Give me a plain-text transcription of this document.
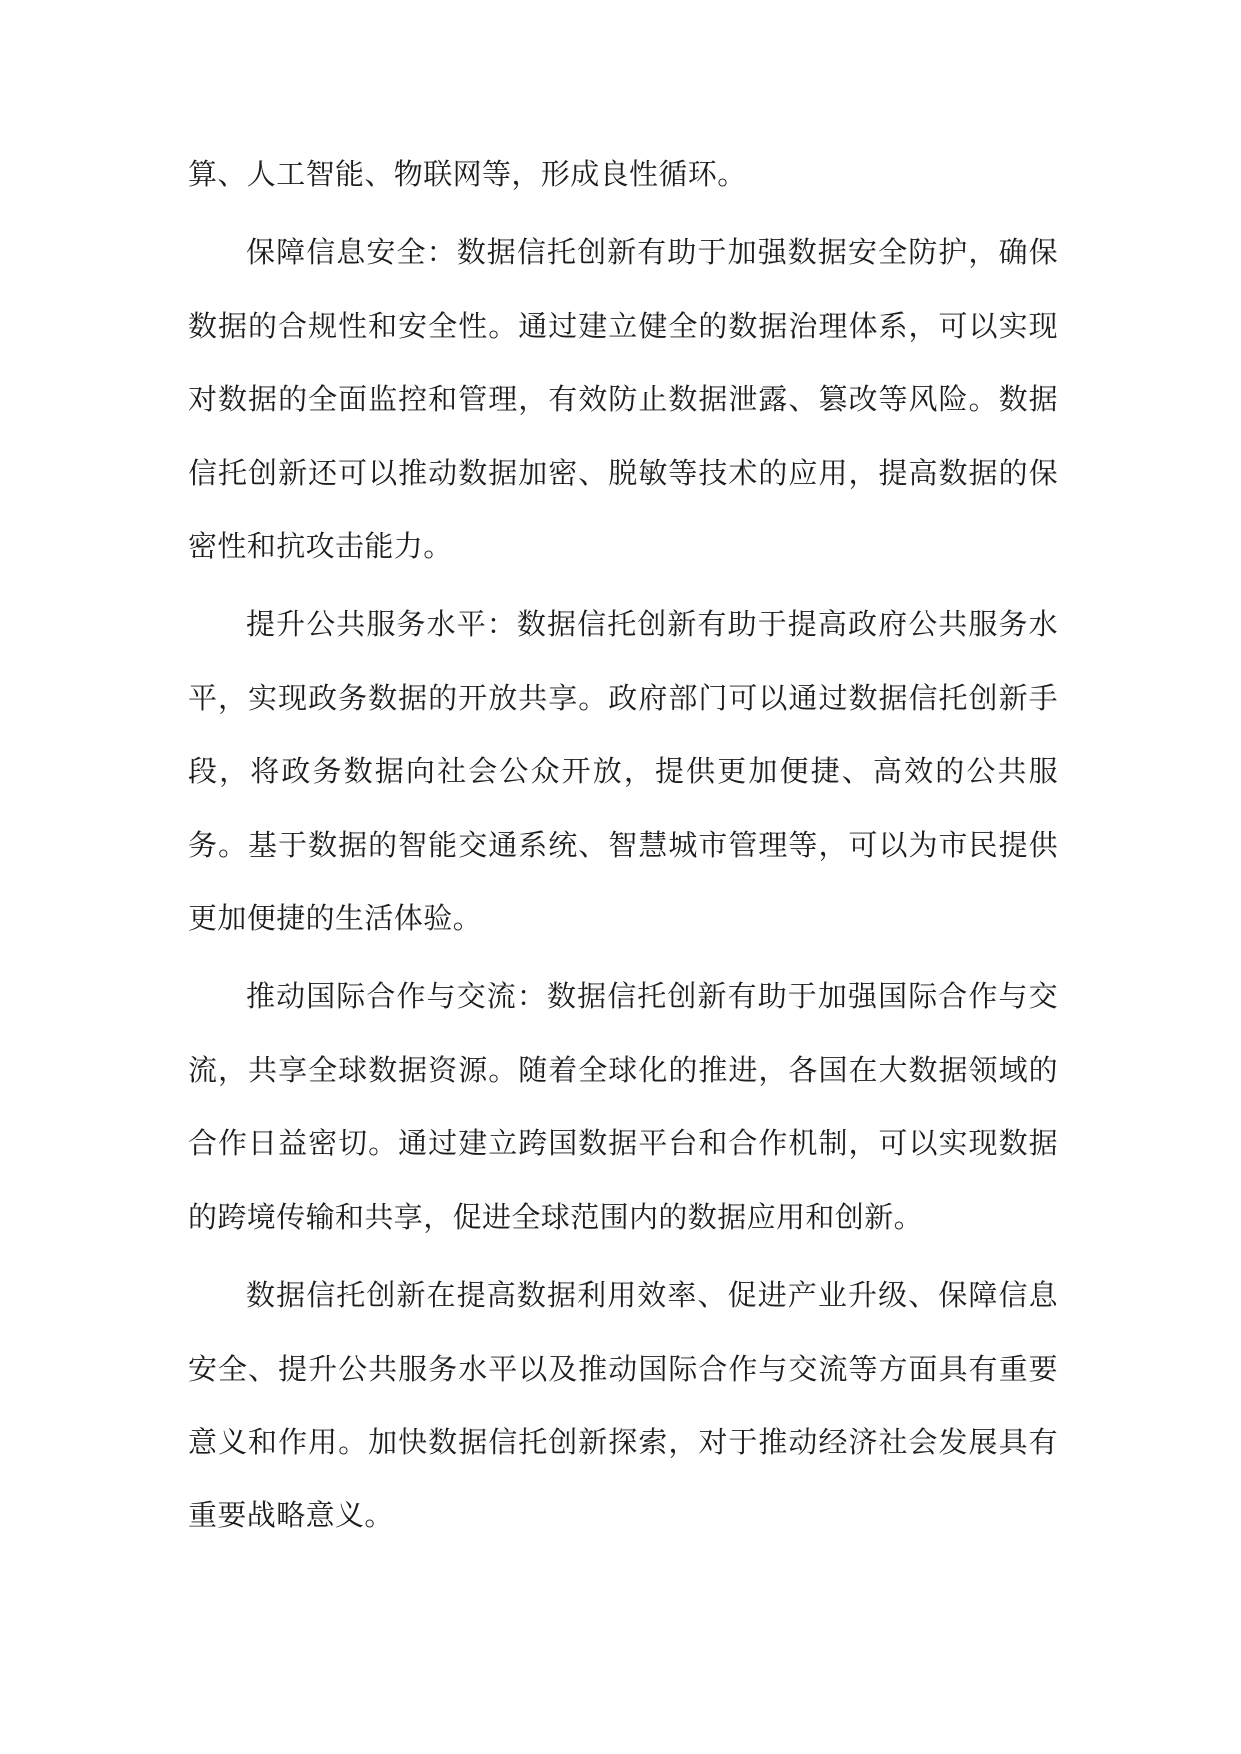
算、人工智能、物联网等，形成良性循环。

保障信息安全：数据信托创新有助于加强数据安全防护，确保数据的合规性和安全性。通过建立健全的数据治理体系，可以实现对数据的全面监控和管理，有效防止数据泄露、篡改等风险。数据信托创新还可以推动数据加密、脱敏等技术的应用，提高数据的保密性和抗攻击能力。

提升公共服务水平：数据信托创新有助于提高政府公共服务水平，实现政务数据的开放共享。政府部门可以通过数据信托创新手段，将政务数据向社会公众开放，提供更加便捷、高效的公共服务。基于数据的智能交通系统、智慧城市管理等，可以为市民提供更加便捷的生活体验。

推动国际合作与交流：数据信托创新有助于加强国际合作与交流，共享全球数据资源。随着全球化的推进，各国在大数据领域的合作日益密切。通过建立跨国数据平台和合作机制，可以实现数据的跨境传输和共享，促进全球范围内的数据应用和创新。

数据信托创新在提高数据利用效率、促进产业升级、保障信息安全、提升公共服务水平以及推动国际合作与交流等方面具有重要意义和作用。加快数据信托创新探索，对于推动经济社会发展具有重要战略意义。
